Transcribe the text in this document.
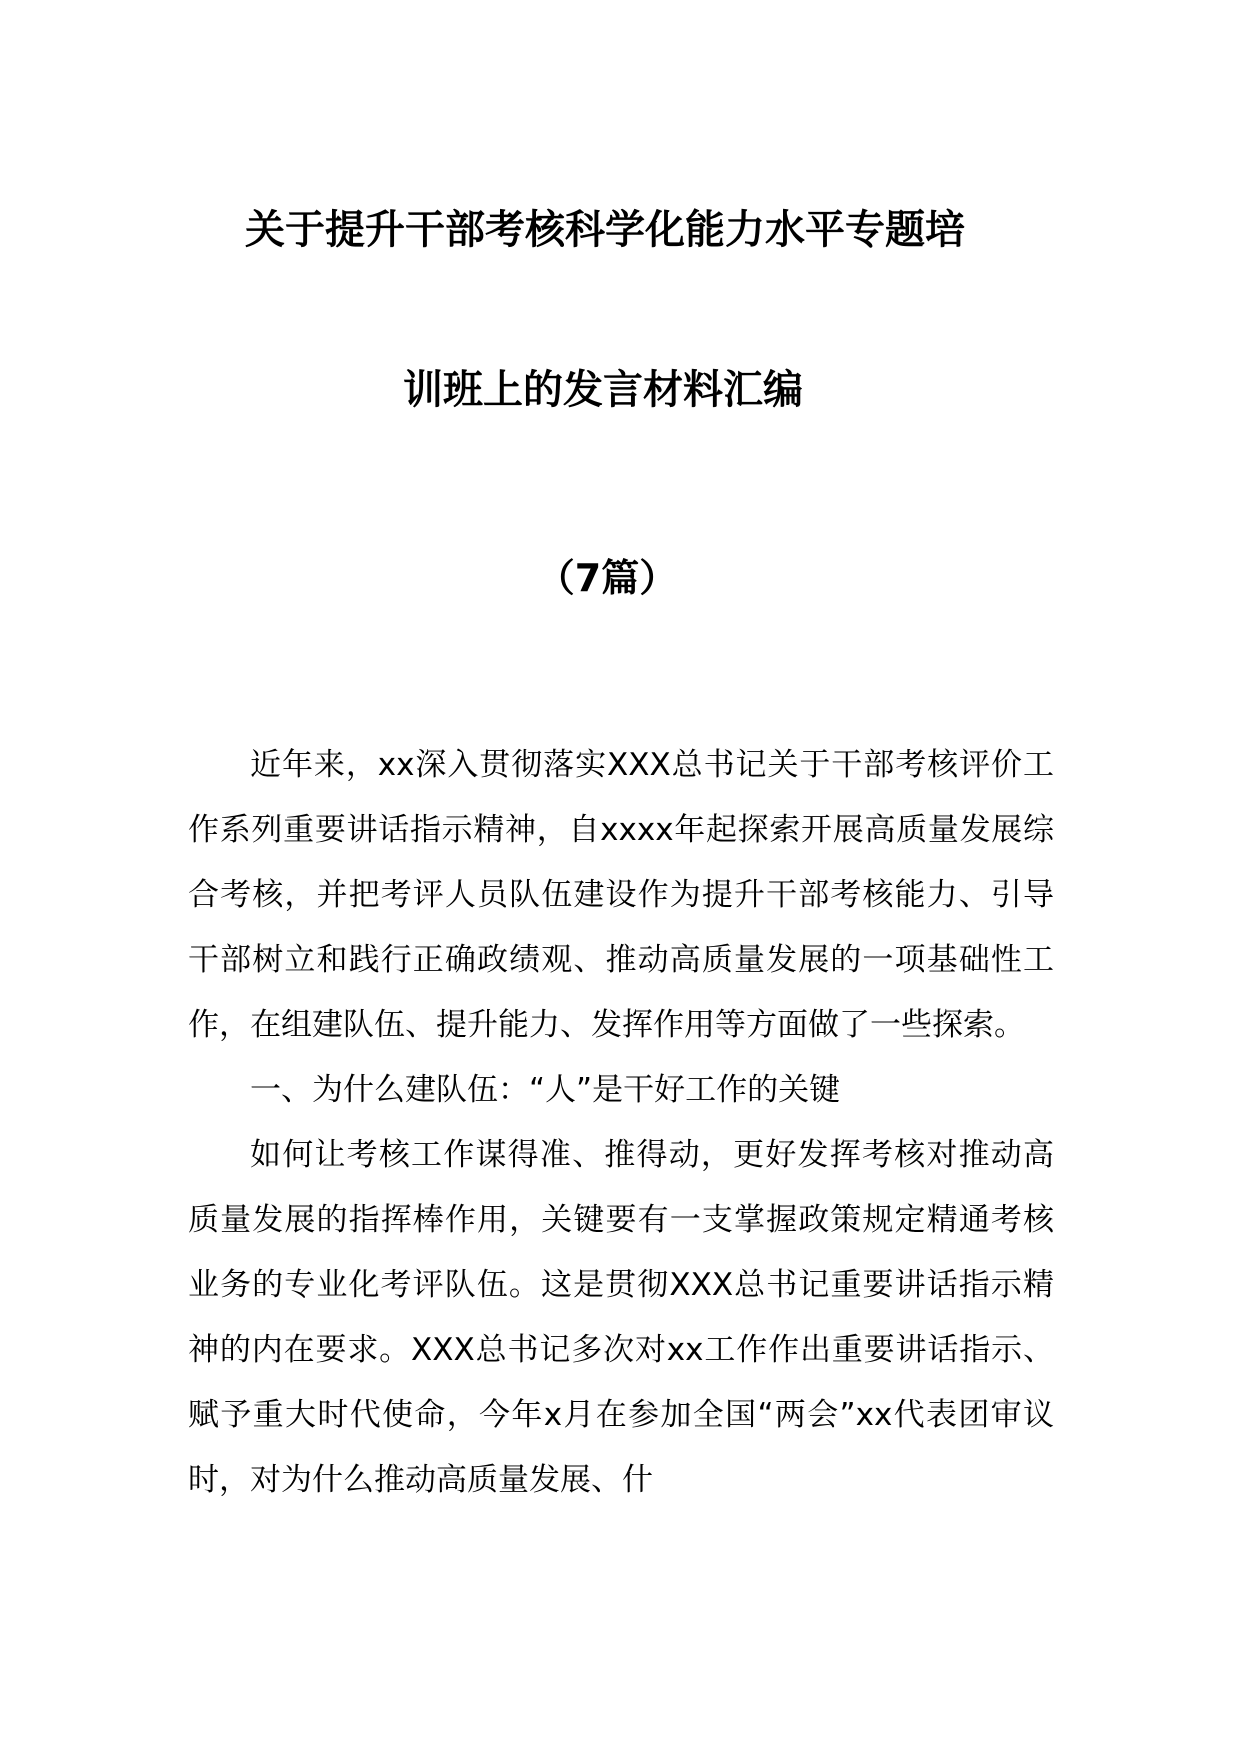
关于提升干部考核科学化能力水平专题培
训班上的发言材料汇编
（7篇）

近年来，xx深入贯彻落实XXX总书记关于干部考核评价工作系列重要讲话指示精神，自xxxx年起探索开展高质量发展综合考核，并把考评人员队伍建设作为提升干部考核能力、引导干部树立和践行正确政绩观、推动高质量发展的一项基础性工作，在组建队伍、提升能力、发挥作用等方面做了一些探索。

一、为什么建队伍：“人”是干好工作的关键

如何让考核工作谋得准、推得动，更好发挥考核对推动高质量发展的指挥棒作用，关键要有一支掌握政策规定精通考核业务的专业化考评队伍。这是贯彻XXX总书记重要讲话指示精神的内在要求。XXX总书记多次对xx工作作出重要讲话指示、赋予重大时代使命，今年x月在参加全国“两会”xx代表团审议时，对为什么推动高质量发展、什
